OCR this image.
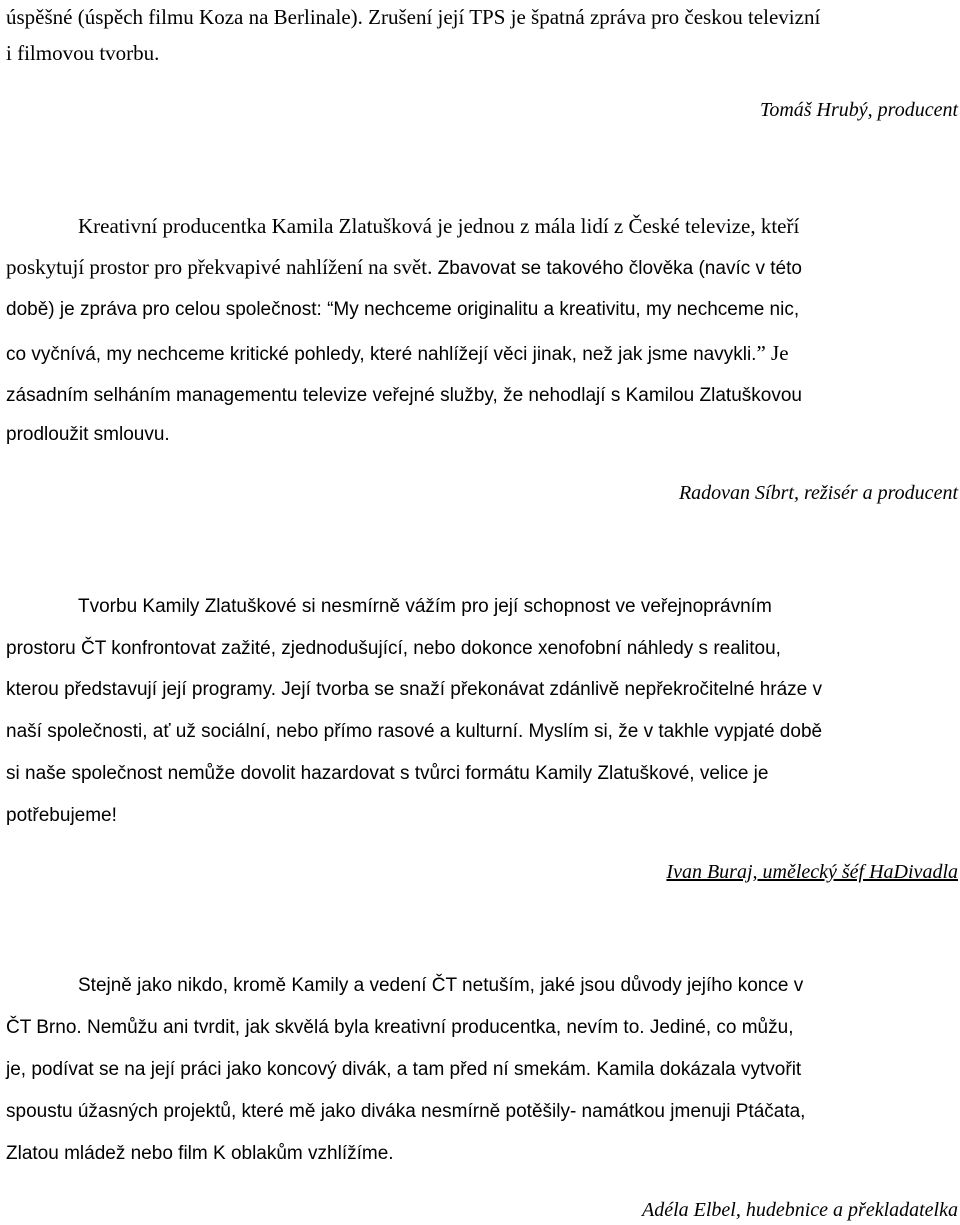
úspěšné (úspěch filmu Koza na Berlinale). Zrušení její TPS je špatná zpráva pro českou televizní
i filmovou tvorbu.
Tomáš Hrubý, producent
Kreativní producentka Kamila Zlatušková je jednou z mála lidí z České televize, kteří
poskytují prostor pro překvapivé nahlížení na svět. Zbavovat se takového člověka (navíc v této
době) je zpráva pro celou společnost: “My nechceme originalitu a kreativitu, my nechceme nic,
co vyčnívá, my nechceme kritické pohledy, které nahlížejí věci jinak, než jak jsme navykli.” Je
zásadním selháním managementu televize veřejné služby, že nehodlají s Kamilou Zlatuškovou
prodloužit smlouvu.
Radovan Síbrt, režisér a producent
Tvorbu Kamily Zlatuškové si nesmírně vážím pro její schopnost ve veřejnoprávním
prostoru ČT konfrontovat zažité, zjednodušující, nebo dokonce xenofobní náhledy s realitou,
kterou představují její programy. Její tvorba se snaží překonávat zdánlivě nepřekročitelné hráze v
naší společnosti, ať už sociální, nebo přímo rasové a kulturní. Myslím si, že v takhle vypjaté době
si naše společnost nemůže dovolit hazardovat s tvůrci formátu Kamily Zlatuškové, velice je
potřebujeme!
Ivan Buraj, umělecký šéf HaDivadla
Stejně jako nikdo, kromě Kamily a vedení ČT netuším, jaké jsou důvody jejího konce v
ČT Brno. Nemůžu ani tvrdit, jak skvělá byla kreativní producentka, nevím to. Jediné, co můžu,
je, podívat se na její práci jako koncový divák, a tam před ní smekám. Kamila dokázala vytvořit
spoustu úžasných projektů, které mě jako diváka nesmírně potěšily- namátkou jmenuji Ptáčata,
Zlatou mládež nebo film K oblakům vzhlížíme.
Adéla Elbel, hudebnice a překladatelka
